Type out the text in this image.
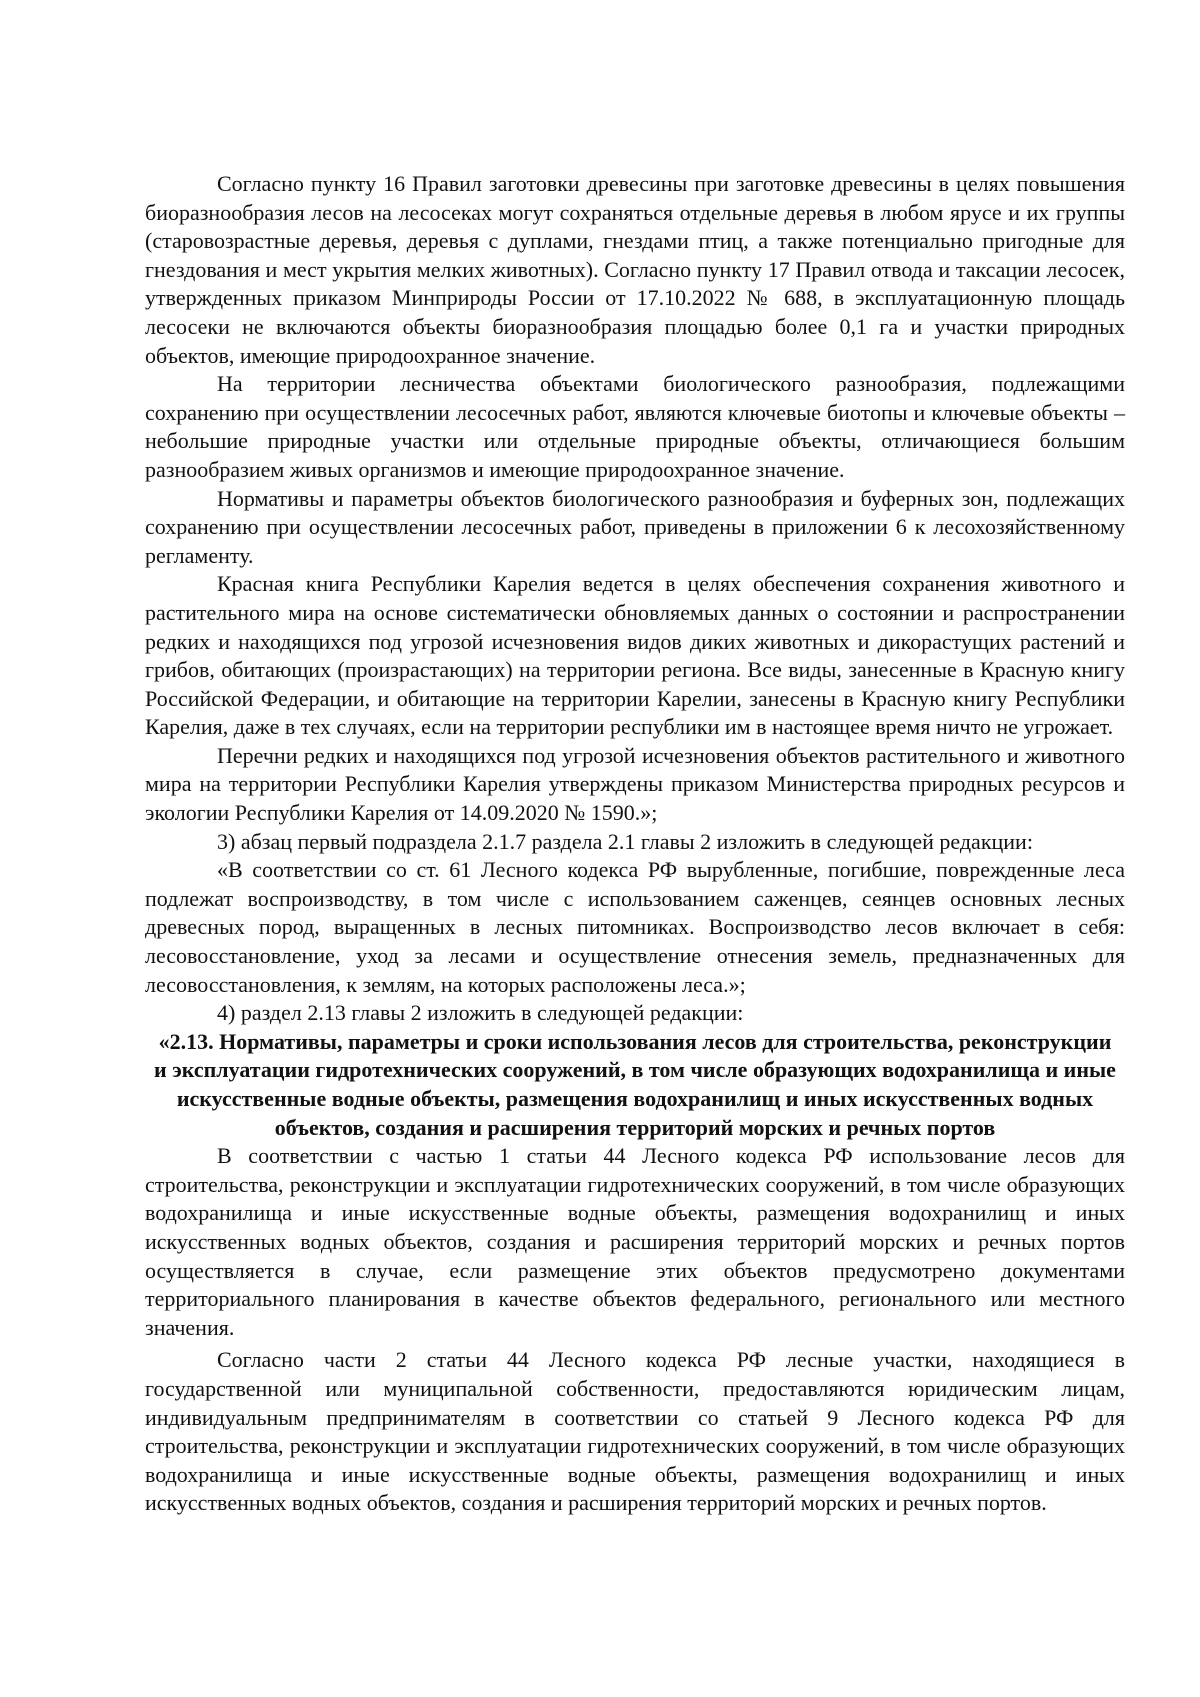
Согласно пункту 16 Правил заготовки древесины при заготовке древесины в целях повышения биоразнообразия лесов на лесосеках могут сохраняться отдельные деревья в любом ярусе и их группы (старовозрастные деревья, деревья с дуплами, гнездами птиц, а также потенциально пригодные для гнездования и мест укрытия мелких животных). Согласно пункту 17 Правил отвода и таксации лесосек, утвержденных приказом Минприроды России от 17.10.2022 № 688, в эксплуатационную площадь лесосеки не включаются объекты биоразнообразия площадью более 0,1 га и участки природных объектов, имеющие природоохранное значение.

На территории лесничества объектами биологического разнообразия, подлежащими сохранению при осуществлении лесосечных работ, являются ключевые биотопы и ключевые объекты – небольшие природные участки или отдельные природные объекты, отличающиеся большим разнообразием живых организмов и имеющие природоохранное значение.

Нормативы и параметры объектов биологического разнообразия и буферных зон, подлежащих сохранению при осуществлении лесосечных работ, приведены в приложении 6 к лесохозяйственному регламенту.

Красная книга Республики Карелия ведется в целях обеспечения сохранения животного и растительного мира на основе систематически обновляемых данных о состоянии и распространении редких и находящихся под угрозой исчезновения видов диких животных и дикорастущих растений и грибов, обитающих (произрастающих) на территории региона. Все виды, занесенные в Красную книгу Российской Федерации, и обитающие на территории Карелии, занесены в Красную книгу Республики Карелия, даже в тех случаях, если на территории республики им в настоящее время ничто не угрожает.

Перечни редких и находящихся под угрозой исчезновения объектов растительного и животного мира на территории Республики Карелия утверждены приказом Министерства природных ресурсов и экологии Республики Карелия от 14.09.2020 № 1590.»;

3) абзац первый подраздела 2.1.7 раздела 2.1 главы 2 изложить в следующей редакции:

«В соответствии со ст. 61 Лесного кодекса РФ вырубленные, погибшие, поврежденные леса подлежат воспроизводству, в том числе с использованием саженцев, сеянцев основных лесных древесных пород, выращенных в лесных питомниках. Воспроизводство лесов включает в себя: лесовосстановление, уход за лесами и осуществление отнесения земель, предназначенных для лесовосстановления, к землям, на которых расположены леса.»;

4) раздел 2.13 главы 2 изложить в следующей редакции:

«2.13. Нормативы, параметры и сроки использования лесов для строительства, реконструкции и эксплуатации гидротехнических сооружений, в том числе образующих водохранилища и иные искусственные водные объекты, размещения водохранилищ и иных искусственных водных объектов, создания и расширения территорий морских и речных портов

В соответствии с частью 1 статьи 44 Лесного кодекса РФ использование лесов для строительства, реконструкции и эксплуатации гидротехнических сооружений, в том числе образующих водохранилища и иные искусственные водные объекты, размещения водохранилищ и иных искусственных водных объектов, создания и расширения территорий морских и речных портов осуществляется в случае, если размещение этих объектов предусмотрено документами территориального планирования в качестве объектов федерального, регионального или местного значения.

Согласно части 2 статьи 44 Лесного кодекса РФ лесные участки, находящиеся в государственной или муниципальной собственности, предоставляются юридическим лицам, индивидуальным предпринимателям в соответствии со статьей 9 Лесного кодекса РФ для строительства, реконструкции и эксплуатации гидротехнических сооружений, в том числе образующих водохранилища и иные искусственные водные объекты, размещения водохранилищ и иных искусственных водных объектов, создания и расширения территорий морских и речных портов.
